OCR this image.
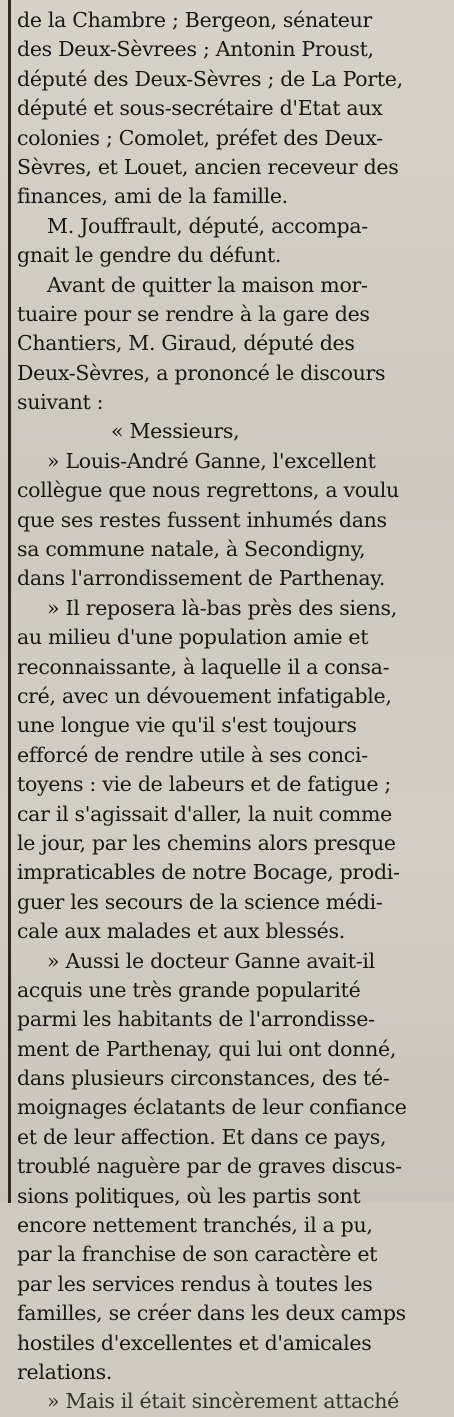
de la Chambre ; Bergeon, sénateur
des Deux-Sèvrees ; Antonin Proust,
député des Deux-Sèvres ; de La Porte,
député et sous-secrétaire d'Etat aux
colonies ; Comolet, préfet des Deux-
Sèvres, et Louet, ancien receveur des
finances, ami de la famille.
M. Jouffrault, député, accompa-
gnait le gendre du défunt.
Avant de quitter la maison mor-
tuaire pour se rendre à la gare des
Chantiers, M. Giraud, député des
Deux-Sèvres, a prononcé le discours
suivant :
« Messieurs,
» Louis-André Ganne, l'excellent
collègue que nous regrettons, a voulu
que ses restes fussent inhumés dans
sa commune natale, à Secondigny,
dans l'arrondissement de Parthenay.
» Il reposera là-bas près des siens,
au milieu d'une population amie et
reconnaissante, à laquelle il a consa-
cré, avec un dévouement infatigable,
une longue vie qu'il s'est toujours
efforcé de rendre utile à ses conci-
toyens : vie de labeurs et de fatigue ;
car il s'agissait d'aller, la nuit comme
le jour, par les chemins alors presque
impraticables de notre Bocage, prodi-
guer les secours de la science médi-
cale aux malades et aux blessés.
» Aussi le docteur Ganne avait-il
acquis une très grande popularité
parmi les habitants de l'arrondisse-
ment de Parthenay, qui lui ont donné,
dans plusieurs circonstances, des té-
moignages éclatants de leur confiance
et de leur affection. Et dans ce pays,
troublé naguère par de graves discus-
sions politiques, où les partis sont
encore nettement tranchés, il a pu,
par la franchise de son caractère et
par les services rendus à toutes les
familles, se créer dans les deux camps
hostiles d'excellentes et d'amicales
relations.
» Mais il était sincèrement attaché
